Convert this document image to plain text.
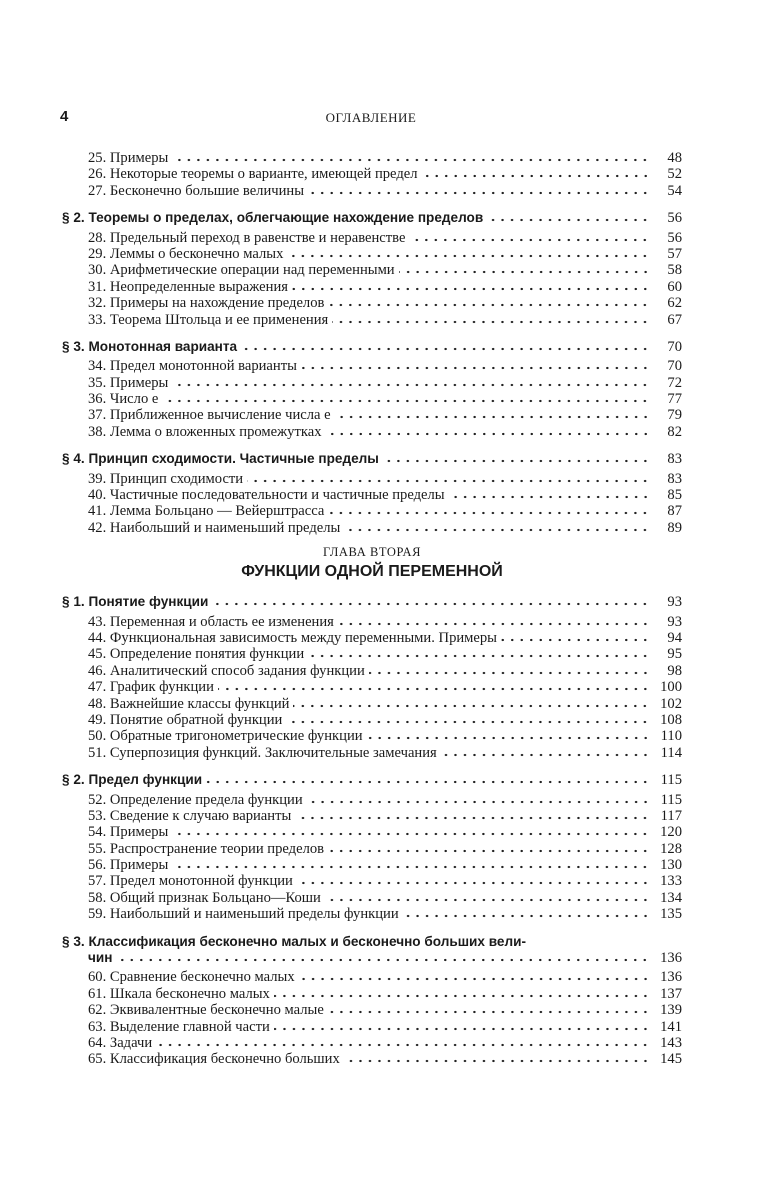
4	ОГЛАВЛЕНИЕ
25. Примеры	48
26. Некоторые теоремы о варианте, имеющей предел	52
27. Бесконечно большие величины	54
§ 2. Теоремы о пределах, облегчающие нахождение пределов	56
28. Предельный переход в равенстве и неравенстве	56
29. Леммы о бесконечно малых	57
30. Арифметические операции над переменными	58
31. Неопределенные выражения	60
32. Примеры на нахождение пределов	62
33. Теорема Штольца и ее применения	67
§ 3. Монотонная варианта	70
34. Предел монотонной варианты	70
35. Примеры	72
36. Число e	77
37. Приближенное вычисление числа e	79
38. Лемма о вложенных промежутках	82
§ 4. Принцип сходимости. Частичные пределы	83
39. Принцип сходимости	83
40. Частичные последовательности и частичные пределы	85
41. Лемма Больцано — Вейерштрасса	87
42. Наибольший и наименьший пределы	89
ГЛАВА ВТОРАЯ
ФУНКЦИИ ОДНОЙ ПЕРЕМЕННОЙ
§ 1. Понятие функции	93
43. Переменная и область ее изменения	93
44. Функциональная зависимость между переменными. Примеры	94
45. Определение понятия функции	95
46. Аналитический способ задания функции	98
47. График функции	100
48. Важнейшие классы функций	102
49. Понятие обратной функции	108
50. Обратные тригонометрические функции	110
51. Суперпозиция функций. Заключительные замечания	114
§ 2. Предел функции	115
52. Определение предела функции	115
53. Сведение к случаю варианты	117
54. Примеры	120
55. Распространение теории пределов	128
56. Примеры	130
57. Предел монотонной функции	133
58. Общий признак Больцано—Коши	134
59. Наибольший и наименьший пределы функции	135
§ 3. Классификация бесконечно малых и бесконечно больших вели-
чин	136
60. Сравнение бесконечно малых	136
61. Шкала бесконечно малых	137
62. Эквивалентные бесконечно малые	139
63. Выделение главной части	141
64. Задачи	143
65. Классификация бесконечно больших	145
